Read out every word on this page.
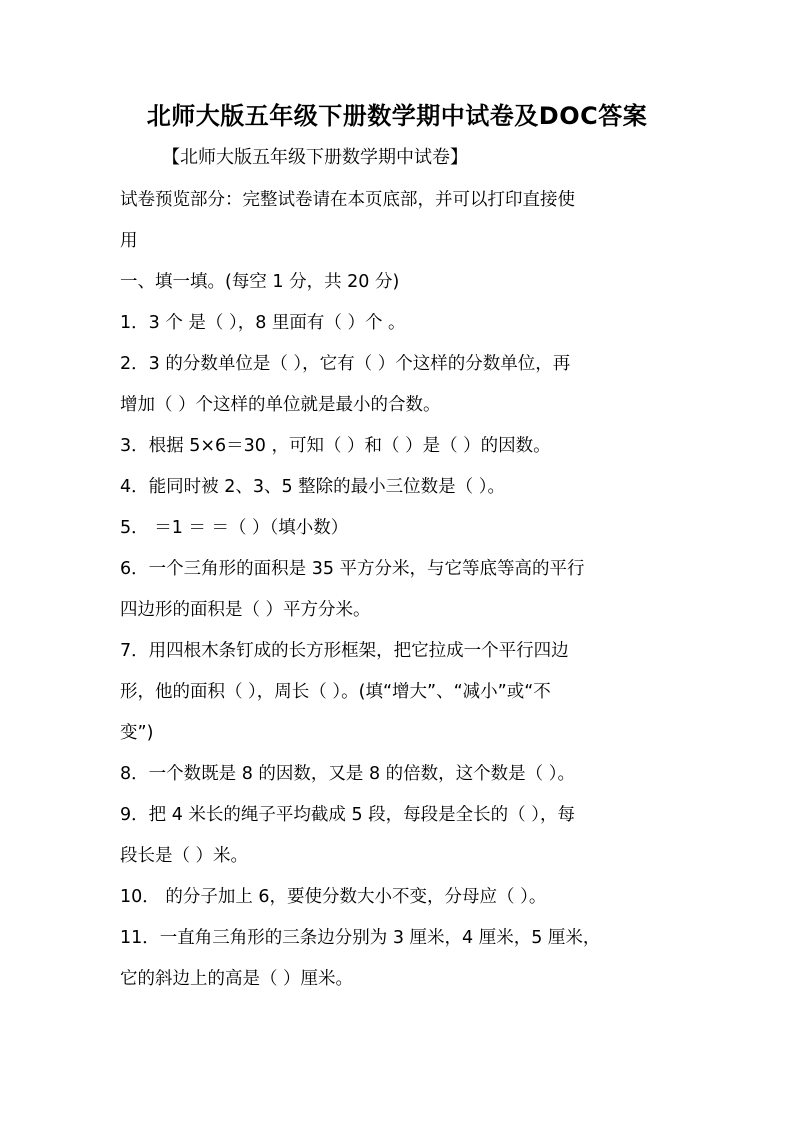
北师大版五年级下册数学期中试卷及DOC答案
【北师大版五年级下册数学期中试卷】
试卷预览部分：完整试卷请在本页底部，并可以打印直接使
用
一、填一填。(每空 1 分，共 20 分)
1．3 个 是（ ），8 里面有（ ）个 。
2．3 的分数单位是（ ），它有（ ）个这样的分数单位，再
增加（ ）个这样的单位就是最小的合数。
3．根据 5×6＝30 ，可知（ ）和（ ）是（ ）的因数。
4．能同时被 2、3、5 整除的最小三位数是（ ）。
5． ＝1 ＝ ＝（ ）（填小数）
6．一个三角形的面积是 35 平方分米，与它等底等高的平行
四边形的面积是（ ）平方分米。
7．用四根木条钉成的长方形框架，把它拉成一个平行四边
形，他的面积（ ），周长（ ）。(填“增大”、“减小”或“不
变”)
8．一个数既是 8 的因数，又是 8 的倍数，这个数是（ ）。
9．把 4 米长的绳子平均截成 5 段，每段是全长的（ ），每
段长是（ ）米。
10． 的分子加上 6，要使分数大小不变，分母应（ ）。
11．一直角三角形的三条边分别为 3 厘米，4 厘米，5 厘米，
它的斜边上的高是（ ）厘米。
